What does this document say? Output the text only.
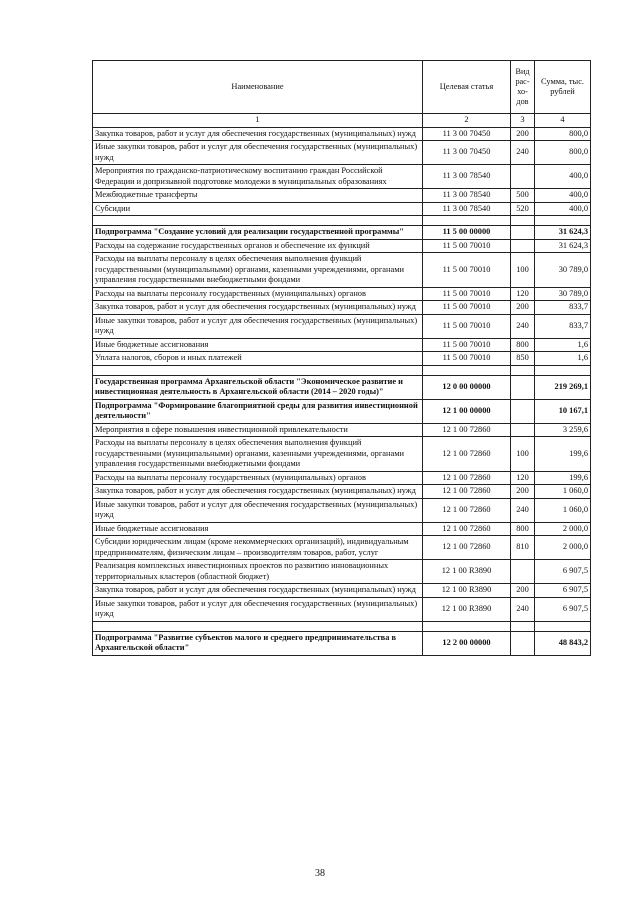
Наименование	Целевая статья	Вид рас- хо- дов	Сумма, тыс. рублей
1	2	3	4
Закупка товаров, работ и услуг для обеспечения государственных (муниципальных) нужд	11 3 00 70450	200	800,0
Иные закупки товаров, работ и услуг для обеспечения государственных (муниципальных) нужд	11 3 00 70450	240	800,0
Мероприятия по гражданско-патриотическому воспитанию граждан Российской Федерации и допризывной подготовке молодежи в муниципальных образованиях	11 3 00 78540		400,0
Межбюджетные трансферты	11 3 00 78540	500	400,0
Субсидии	11 3 00 78540	520	400,0

Подпрограмма "Создание условий для реализации государственной программы"	11 5 00 00000		31 624,3
Расходы на содержание государственных органов и обеспечение их функций	11 5 00 70010		31 624,3
Расходы на выплаты персоналу в целях обеспечения выполнения функций государственными (муниципальными) органами, казенными учреждениями, органами управления государственными внебюджетными фондами	11 5 00 70010	100	30 789,0
Расходы на выплаты персоналу государственных (муниципальных) органов	11 5 00 70010	120	30 789,0
Закупка товаров, работ и услуг для обеспечения государственных (муниципальных) нужд	11 5 00 70010	200	833,7
Иные закупки товаров, работ и услуг для обеспечения государственных (муниципальных) нужд	11 5 00 70010	240	833,7
Иные бюджетные ассигнования	11 5 00 70010	800	1,6
Уплата налогов, сборов и иных платежей	11 5 00 70010	850	1,6

Государственная программа Архангельской области "Экономическое развитие и инвестиционная деятельность в Архангельской области (2014 – 2020 годы)"	12 0 00 00000		219 269,1
Подпрограмма "Формирование благоприятной среды для развития инвестиционной деятельности"	12 1 00 00000		10 167,1
Мероприятия в сфере повышения инвестиционной привлекательности	12 1 00 72860		3 259,6
Расходы на выплаты персоналу в целях обеспечения выполнения функций государственными (муниципальными) органами, казенными учреждениями, органами управления государственными внебюджетными фондами	12 1 00 72860	100	199,6
Расходы на выплаты персоналу государственных (муниципальных) органов	12 1 00 72860	120	199,6
Закупка товаров, работ и услуг для обеспечения государственных (муниципальных) нужд	12 1 00 72860	200	1 060,0
Иные закупки товаров, работ и услуг для обеспечения государственных (муниципальных) нужд	12 1 00 72860	240	1 060,0
Иные бюджетные ассигнования	12 1 00 72860	800	2 000,0
Субсидии юридическим лицам (кроме некоммерческих организаций), индивидуальным предпринимателям, физическим лицам – производителям товаров, работ, услуг	12 1 00 72860	810	2 000,0
Реализация комплексных инвестиционных проектов по развитию инновационных территориальных кластеров (областной бюджет)	12 1 00 R3890		6 907,5
Закупка товаров, работ и услуг для обеспечения государственных (муниципальных) нужд	12 1 00 R3890	200	6 907,5
Иные закупки товаров, работ и услуг для обеспечения государственных (муниципальных) нужд	12 1 00 R3890	240	6 907,5

Подпрограмма "Развитие субъектов малого и среднего предпринимательства в Архангельской области"	12 2 00 00000		48 843,2
38
